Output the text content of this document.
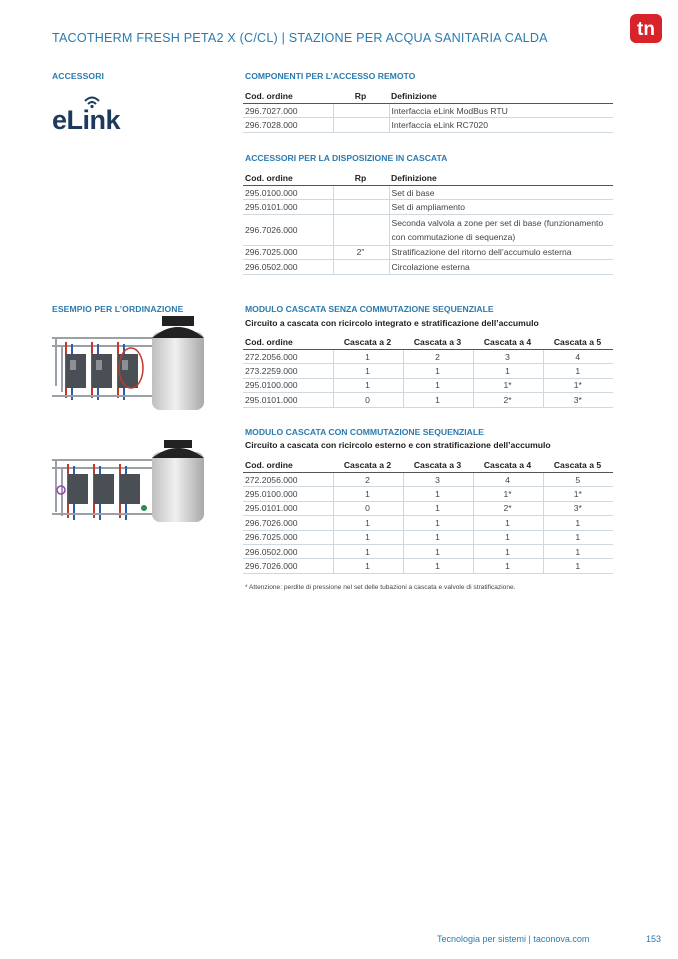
TACOTHERM FRESH PETA2 X (C/CL) | STAZIONE PER ACQUA SANITARIA CALDA	tn
ACCESSORI
eLink
ESEMPIO PER L’ORDINAZIONE
COMPONENTI PER L’ACCESSO REMOTO
Cod. ordine	Rp	Definizione
296.7027.000		Interfaccia eLink ModBus RTU
296.7028.000		Interfaccia eLink RC7020
ACCESSORI PER LA DISPOSIZIONE IN CASCATA
Cod. ordine	Rp	Definizione
295.0100.000		Set di base
295.0101.000		Set di ampliamento
296.7026.000		Seconda valvola a zone per set di base (funzionamento con commutazione di sequenza)
296.7025.000	2"	Stratificazione del ritorno dell’accumulo esterna
296.0502.000		Circolazione esterna
MODULO CASCATA SENZA COMMUTAZIONE SEQUENZIALE
Circuito a cascata con ricircolo integrato e stratificazione dell’accumulo
Cod. ordine	Cascata a 2	Cascata a 3	Cascata a 4	Cascata a 5
272.2056.000	1	2	3	4
273.2259.000	1	1	1	1
295.0100.000	1	1	1*	1*
295.0101.000	0	1	2*	3*
MODULO CASCATA CON COMMUTAZIONE SEQUENZIALE
Circuito a cascata con ricircolo esterno e con stratificazione dell’accumulo
Cod. ordine	Cascata a 2	Cascata a 3	Cascata a 4	Cascata a 5
272.2056.000	2	3	4	5
295.0100.000	1	1	1*	1*
295.0101.000	0	1	2*	3*
296.7026.000	1	1	1	1
296.7025.000	1	1	1	1
296.0502.000	1	1	1	1
296.7026.000	1	1	1	1
* Attenzione: perdite di pressione nel set delle tubazioni a cascata e valvole di stratificazione.
Tecnologia per sistemi | taconova.com	153
